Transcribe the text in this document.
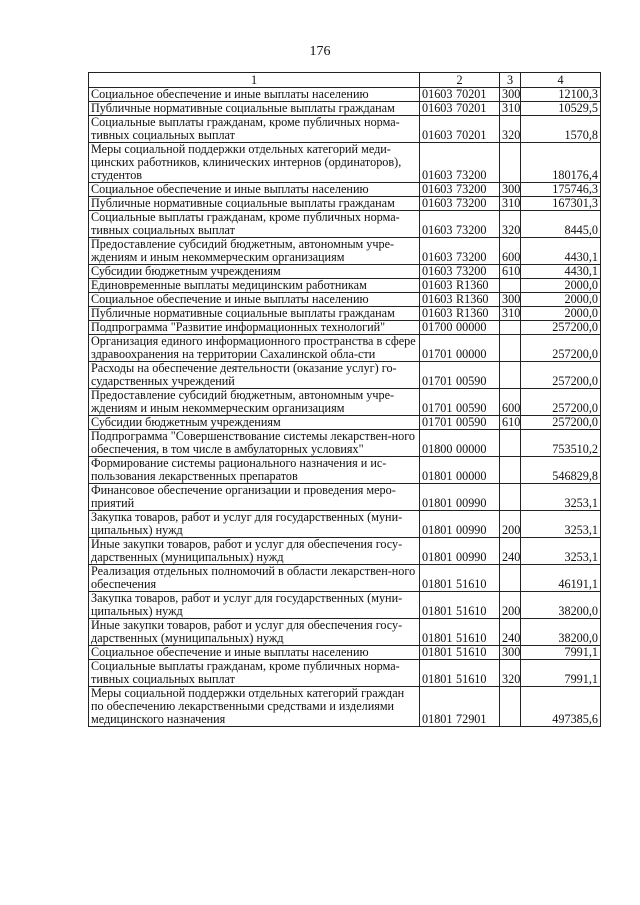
176
1	2	3	4
Социальное обеспечение и иные выплаты населению	01603 70201	300	12100,3
Публичные нормативные социальные выплаты гражданам	01603 70201	310	10529,5
Социальные выплаты гражданам, кроме публичных норма-тивных социальных выплат	01603 70201	320	1570,8
Меры социальной поддержки отдельных категорий меди-цинских работников, клинических интернов (ординаторов), студентов	01603 73200		180176,4
Социальное обеспечение и иные выплаты населению	01603 73200	300	175746,3
Публичные нормативные социальные выплаты гражданам	01603 73200	310	167301,3
Социальные выплаты гражданам, кроме публичных норма-тивных социальных выплат	01603 73200	320	8445,0
Предоставление субсидий бюджетным, автономным учре-ждениям и иным некоммерческим организациям	01603 73200	600	4430,1
Субсидии бюджетным учреждениям	01603 73200	610	4430,1
Единовременные выплаты медицинским работникам	01603 R1360		2000,0
Социальное обеспечение и иные выплаты населению	01603 R1360	300	2000,0
Публичные нормативные социальные выплаты гражданам	01603 R1360	310	2000,0
Подпрограмма "Развитие информационных технологий"	01700 00000		257200,0
Организация единого информационного пространства в сфере здравоохранения на территории Сахалинской обла-сти	01701 00000		257200,0
Расходы на обеспечение деятельности (оказание услуг) го-сударственных учреждений	01701 00590		257200,0
Предоставление субсидий бюджетным, автономным учре-ждениям и иным некоммерческим организациям	01701 00590	600	257200,0
Субсидии бюджетным учреждениям	01701 00590	610	257200,0
Подпрограмма "Совершенствование системы лекарствен-ного обеспечения, в том числе в амбулаторных условиях"	01800 00000		753510,2
Формирование системы рационального назначения и ис-пользования лекарственных препаратов	01801 00000		546829,8
Финансовое обеспечение организации и проведения меро-приятий	01801 00990		3253,1
Закупка товаров, работ и услуг для государственных (муни-ципальных) нужд	01801 00990	200	3253,1
Иные закупки товаров, работ и услуг для обеспечения госу-дарственных (муниципальных) нужд	01801 00990	240	3253,1
Реализация отдельных полномочий в области лекарствен-ного обеспечения	01801 51610		46191,1
Закупка товаров, работ и услуг для государственных (муни-ципальных) нужд	01801 51610	200	38200,0
Иные закупки товаров, работ и услуг для обеспечения госу-дарственных (муниципальных) нужд	01801 51610	240	38200,0
Социальное обеспечение и иные выплаты населению	01801 51610	300	7991,1
Социальные выплаты гражданам, кроме публичных норма-тивных социальных выплат	01801 51610	320	7991,1
Меры социальной поддержки отдельных категорий граждан по обеспечению лекарственными средствами и изделиями медицинского назначения	01801 72901		497385,6
